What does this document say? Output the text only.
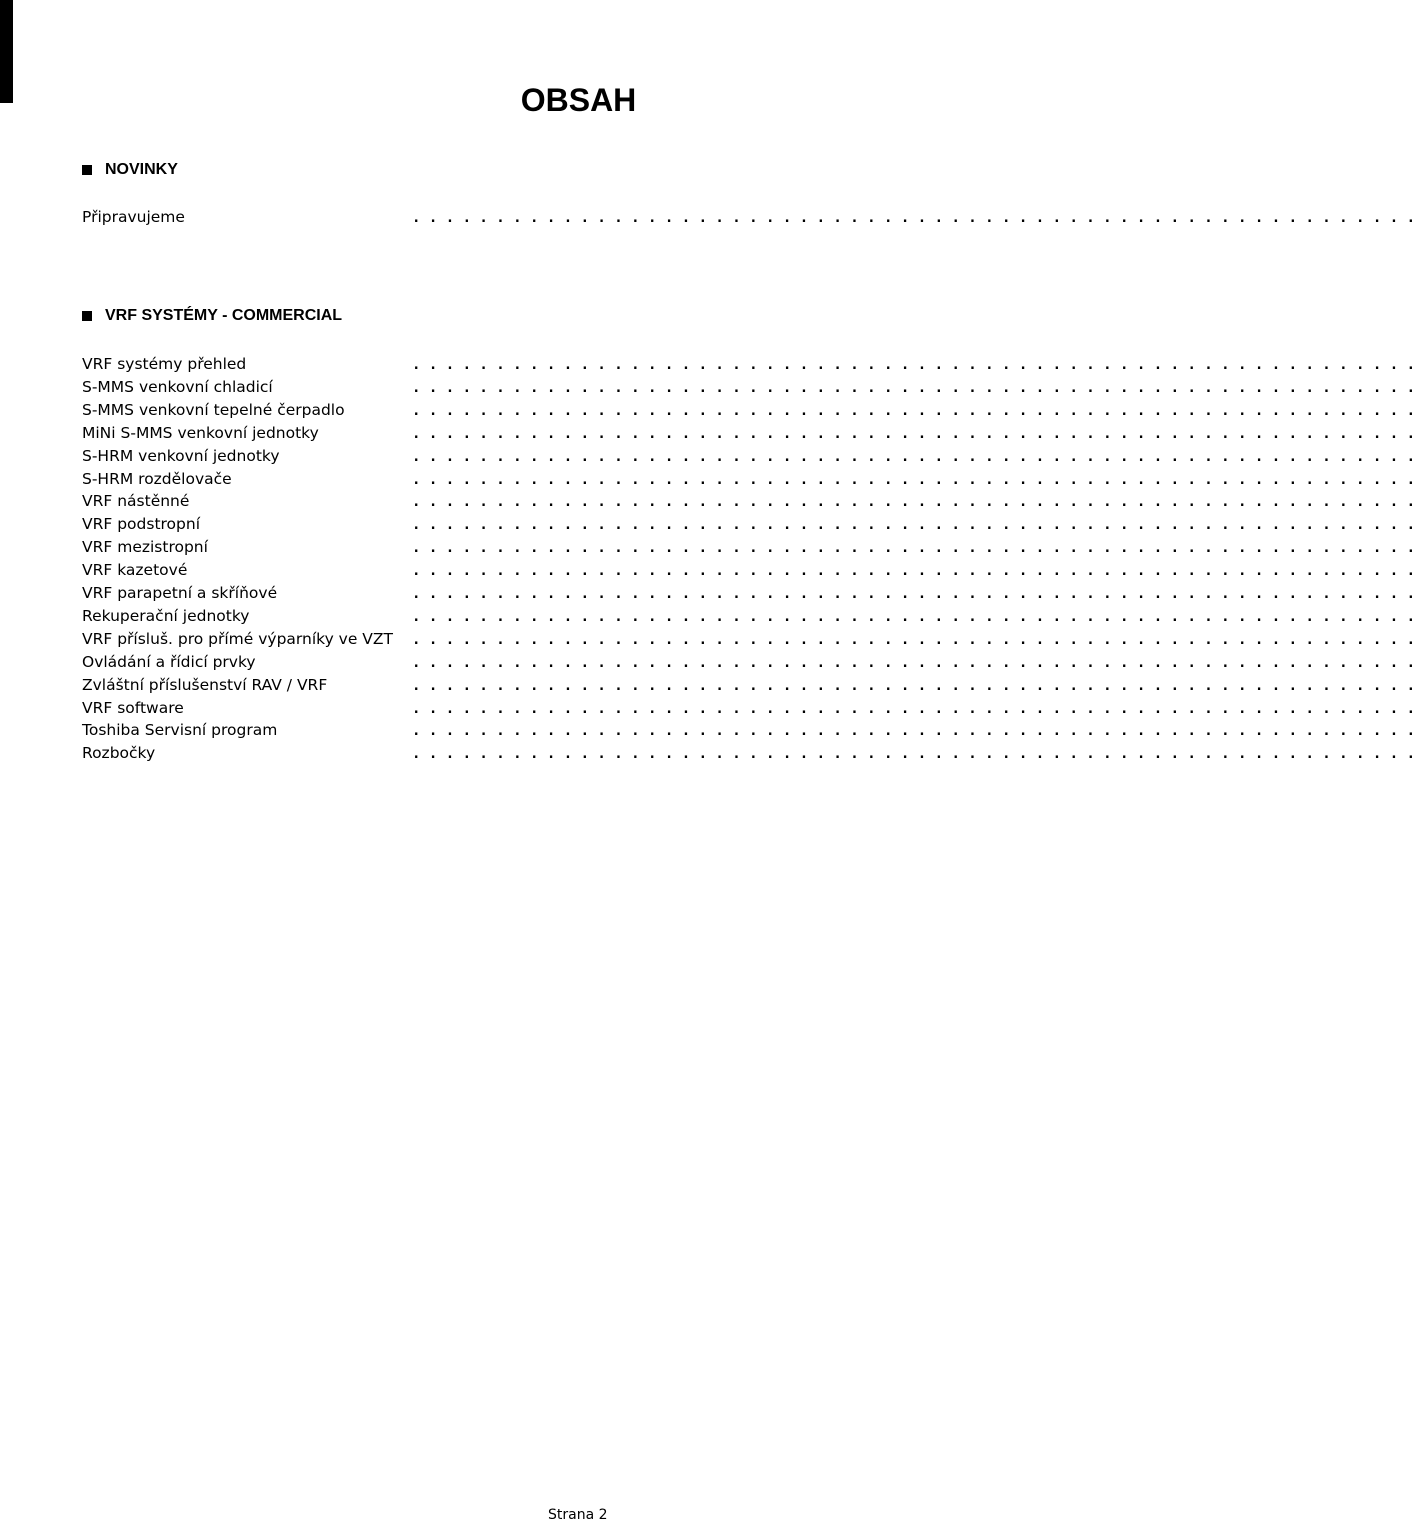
OBSAH
NOVINKY
Připravujeme	. . . . . . . . . . . . . . . . . . . . . . . . . . . . . . . . . . . . . . . . . . . . . . . . . . . . . . . . . . . .
VRF SYSTÉMY - COMMERCIAL
VRF systémy přehled	. . . . . . . . . . . . . . . . . . . . . . . . . . . . . . . . . . . . . . . . . . . . . . . . . . . . . . . . . . . .
S-MMS venkovní chladicí	. . . . . . . . . . . . . . . . . . . . . . . . . . . . . . . . . . . . . . . . . . . . . . . . . . . . . . . . . . . .
S-MMS venkovní tepelné čerpadlo	. . . . . . . . . . . . . . . . . . . . . . . . . . . . . . . . . . . . . . . . . . . . . . . . . . . . . . . . . . . .
MiNi S-MMS venkovní jednotky	. . . . . . . . . . . . . . . . . . . . . . . . . . . . . . . . . . . . . . . . . . . . . . . . . . . . . . . . . . . .
S-HRM venkovní jednotky	. . . . . . . . . . . . . . . . . . . . . . . . . . . . . . . . . . . . . . . . . . . . . . . . . . . . . . . . . . . .
S-HRM rozdělovače	. . . . . . . . . . . . . . . . . . . . . . . . . . . . . . . . . . . . . . . . . . . . . . . . . . . . . . . . . . . .
VRF nástěnné	. . . . . . . . . . . . . . . . . . . . . . . . . . . . . . . . . . . . . . . . . . . . . . . . . . . . . . . . . . . .
VRF podstropní	. . . . . . . . . . . . . . . . . . . . . . . . . . . . . . . . . . . . . . . . . . . . . . . . . . . . . . . . . . . .
VRF mezistropní	. . . . . . . . . . . . . . . . . . . . . . . . . . . . . . . . . . . . . . . . . . . . . . . . . . . . . . . . . . . .
VRF kazetové	. . . . . . . . . . . . . . . . . . . . . . . . . . . . . . . . . . . . . . . . . . . . . . . . . . . . . . . . . . . .
VRF parapetní a skříňové	. . . . . . . . . . . . . . . . . . . . . . . . . . . . . . . . . . . . . . . . . . . . . . . . . . . . . . . . . . . .
Rekuperační jednotky	. . . . . . . . . . . . . . . . . . . . . . . . . . . . . . . . . . . . . . . . . . . . . . . . . . . . . . . . . . . .
VRF přísluš. pro přímé výparníky ve VZT	. . . . . . . . . . . . . . . . . . . . . . . . . . . . . . . . . . . . . . . . . . . . . . . . . . . . . . . . . . . .
Ovládání a řídicí prvky	. . . . . . . . . . . . . . . . . . . . . . . . . . . . . . . . . . . . . . . . . . . . . . . . . . . . . . . . . . . .
Zvláštní příslušenství RAV / VRF	. . . . . . . . . . . . . . . . . . . . . . . . . . . . . . . . . . . . . . . . . . . . . . . . . . . . . . . . . . . .
VRF software	. . . . . . . . . . . . . . . . . . . . . . . . . . . . . . . . . . . . . . . . . . . . . . . . . . . . . . . . . . . .
Toshiba Servisní program	. . . . . . . . . . . . . . . . . . . . . . . . . . . . . . . . . . . . . . . . . . . . . . . . . . . . . . . . . . . .
Rozbočky	. . . . . . . . . . . . . . . . . . . . . . . . . . . . . . . . . . . . . . . . . . . . . . . . . . . . . . . . . . . .
Strana 2
